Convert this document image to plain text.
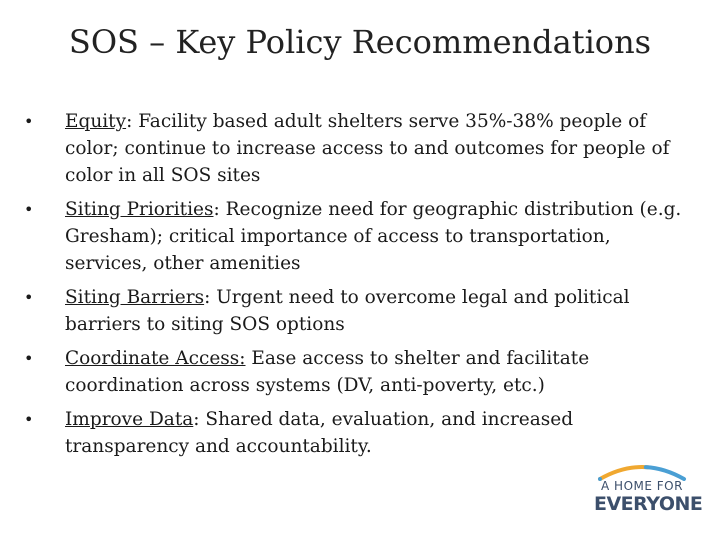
SOS – Key Policy Recommendations
• Equity: Facility based adult shelters serve 35%-38% people of color; continue to increase access to and outcomes for people of color in all SOS sites
• Siting Priorities: Recognize need for geographic distribution (e.g. Gresham); critical importance of access to transportation, services, other amenities
• Siting Barriers: Urgent need to overcome legal and political barriers to siting SOS options
• Coordinate Access: Ease access to shelter and facilitate coordination across systems (DV, anti-poverty, etc.)
• Improve Data: Shared data, evaluation, and increased transparency and accountability.
A HOME FOR
EVERYONE
